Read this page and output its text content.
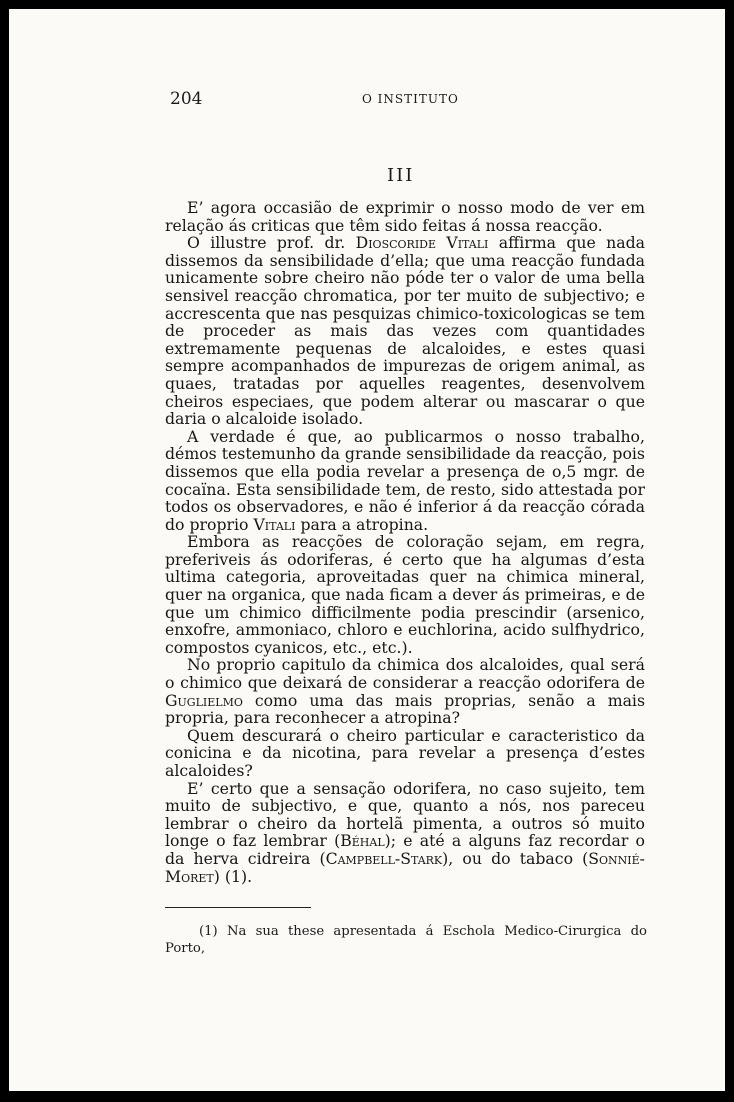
204	O INSTITUTO
III

E’ agora occasião de exprimir o nosso modo de ver em relação ás criticas que têm sido feitas á nossa reacção.

O illustre prof. dr. Dioscoride Vitali affirma que nada dissemos da sensibilidade d’ella; que uma reacção fundada unicamente sobre cheiro não póde ter o valor de uma bella sensivel reacção chromatica, por ter muito de subjectivo; e accrescenta que nas pesquizas chimico-toxicologicas se tem de proceder as mais das vezes com quantidades extremamente pequenas de alcaloides, e estes quasi sempre acompanhados de impurezas de origem animal, as quaes, tratadas por aquelles reagentes, desenvolvem cheiros especiaes, que podem alterar ou mascarar o que daria o alcaloide isolado.

A verdade é que, ao publicarmos o nosso trabalho, démos testemunho da grande sensibilidade da reacção, pois dissemos que ella podia revelar a presença de o,5 mgr. de cocaïna. Esta sensibilidade tem, de resto, sido attestada por todos os observadores, e não é inferior á da reacção córada do proprio Vitali para a atropina.

Embora as reacções de coloração sejam, em regra, preferiveis ás odoriferas, é certo que ha algumas d’esta ultima categoria, aproveitadas quer na chimica mineral, quer na organica, que nada ficam a dever ás primeiras, e de que um chimico difficilmente podia prescindir (arsenico, enxofre, ammoniaco, chloro e euchlorina, acido sulfhydrico, compostos cyanicos, etc., etc.).

No proprio capitulo da chimica dos alcaloides, qual será o chimico que deixará de considerar a reacção odorifera de Guglielmo como uma das mais proprias, senão a mais propria, para reconhecer a atropina?

Quem descurará o cheiro particular e caracteristico da conicina e da nicotina, para revelar a presença d’estes alcaloides?

E’ certo que a sensação odorifera, no caso sujeito, tem muito de subjectivo, e que, quanto a nós, nos pareceu lembrar o cheiro da hortelã pimenta, a outros só muito longe o faz lembrar (Béhal); e até a alguns faz recordar o da herva cidreira (Campbell-Stark), ou do tabaco (Sonnié-Moret) (1).

(1) Na sua these apresentada á Eschola Medico-Cirurgica do Porto,
